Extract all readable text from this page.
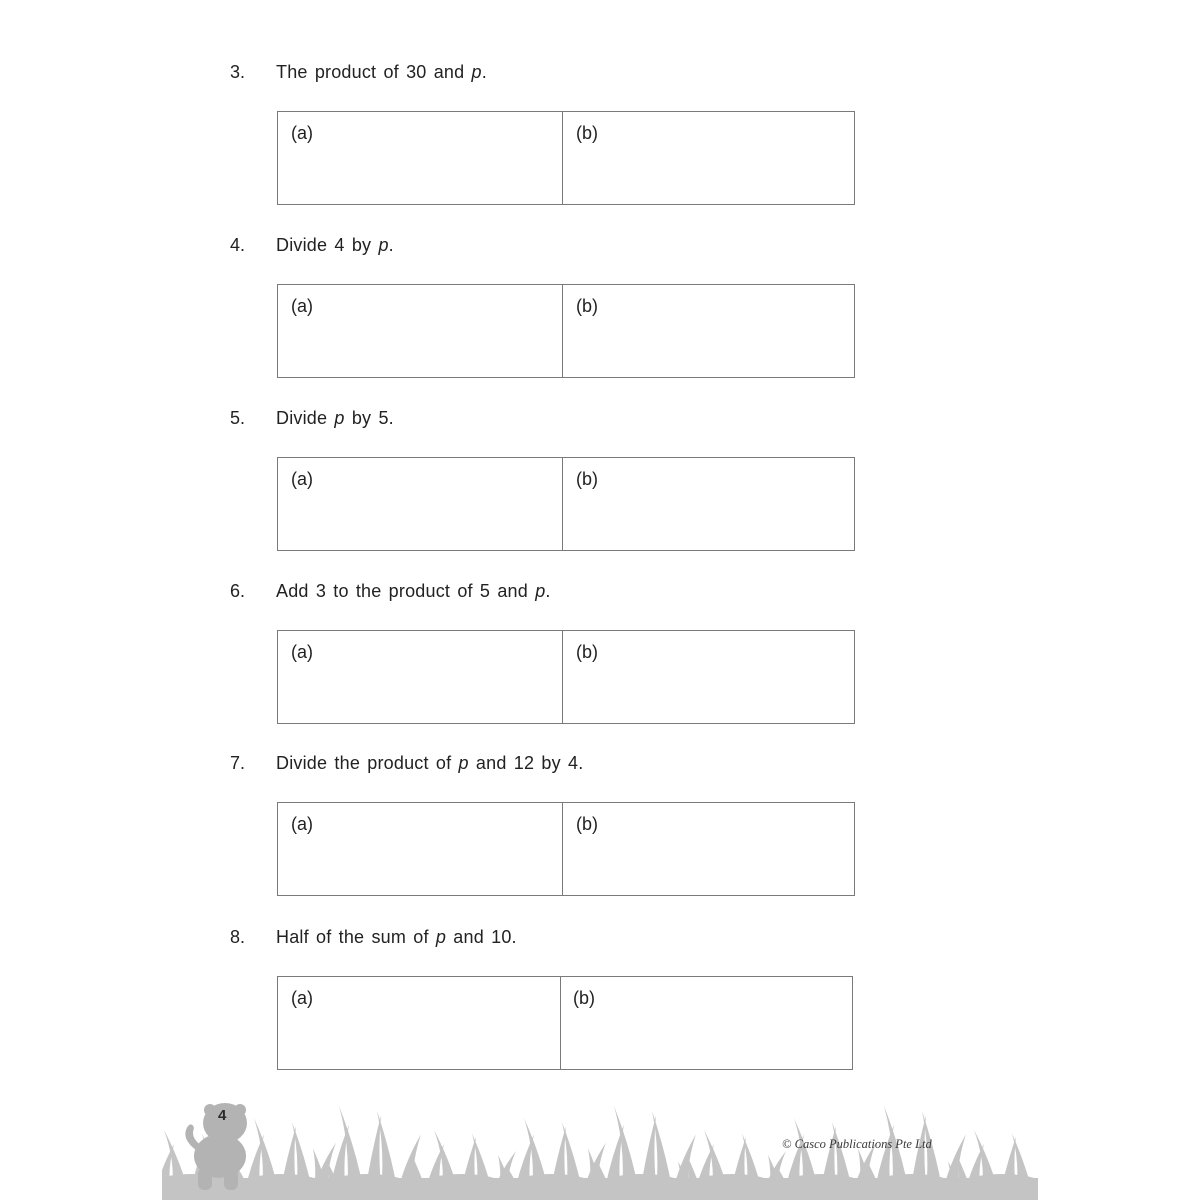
3. The product of 30 and p.
(a)	(b)
4. Divide 4 by p.
(a)	(b)
5. Divide p by 5.
(a)	(b)
6. Add 3 to the product of 5 and p.
(a)	(b)
7. Divide the product of p and 12 by 4.
(a)	(b)
8. Half of the sum of p and 10.
(a)	(b)
4
© Casco Publications Pte Ltd
